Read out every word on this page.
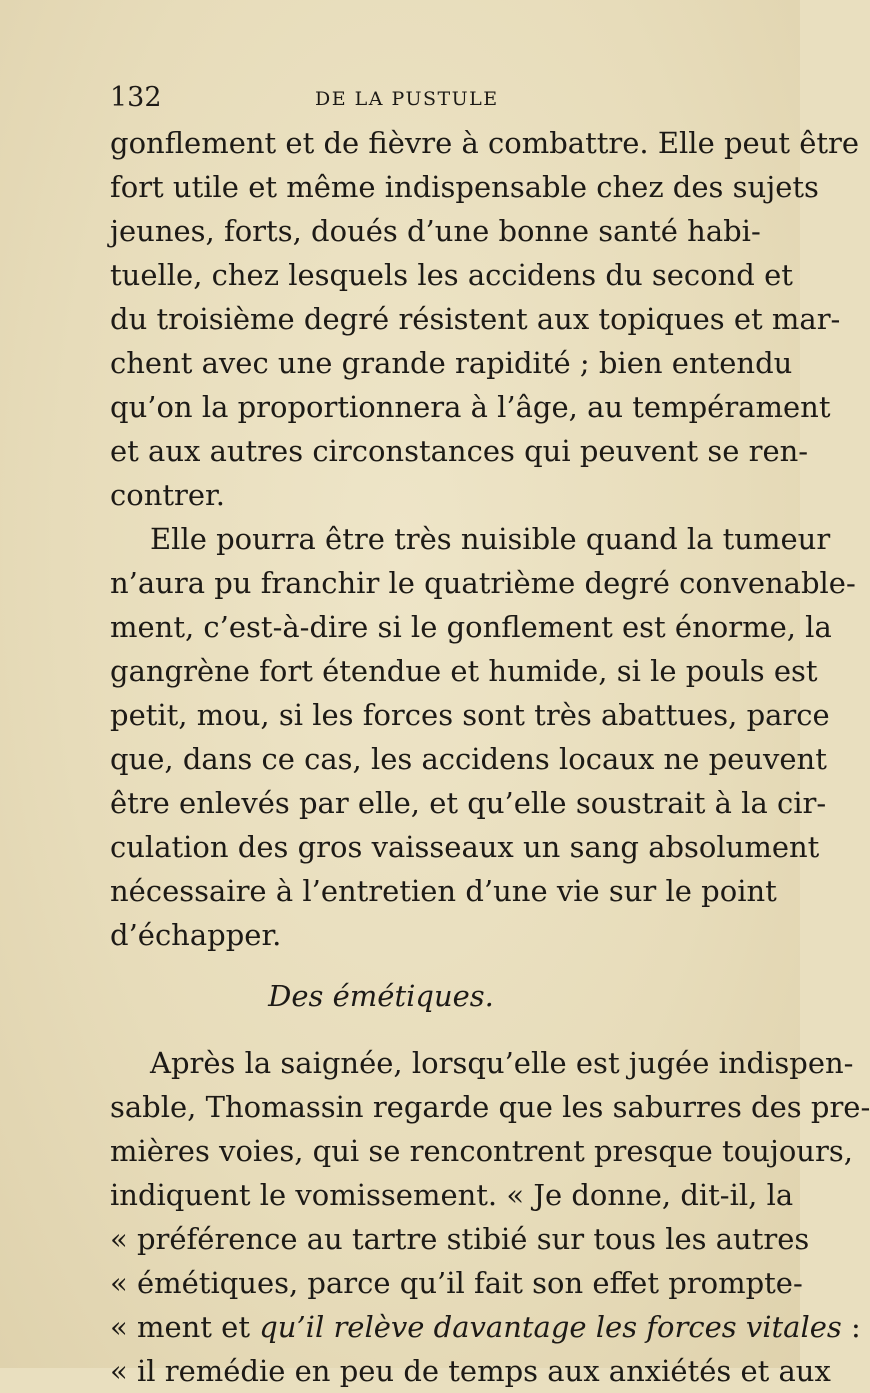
132	DE LA PUSTULE
gonflement et de fièvre à combattre. Elle peut être
fort utile et même indispensable chez des sujets
jeunes, forts, doués d’une bonne santé habi-
tuelle, chez lesquels les accidens du second et
du troisième degré résistent aux topiques et mar-
chent avec une grande rapidité ; bien entendu
qu’on la proportionnera à l’âge, au tempérament
et aux autres circonstances qui peuvent se ren-
contrer.
Elle pourra être très nuisible quand la tumeur
n’aura pu franchir le quatrième degré convenable-
ment, c’est-à-dire si le gonflement est énorme, la
gangrène fort étendue et humide, si le pouls est
petit, mou, si les forces sont très abattues, parce
que, dans ce cas, les accidens locaux ne peuvent
être enlevés par elle, et qu’elle soustrait à la cir-
culation des gros vaisseaux un sang absolument
nécessaire à l’entretien d’une vie sur le point
d’échapper.
Des émétiques.
Après la saignée, lorsqu’elle est jugée indispen-
sable, Thomassin regarde que les saburres des pre-
mières voies, qui se rencontrent presque toujours,
indiquent le vomissement. « Je donne, dit-il, la
« préférence au tartre stibié sur tous les autres
« émétiques, parce qu’il fait son effet prompte-
« ment et qu’il relève davantage les forces vitales :
« il remédie en peu de temps aux anxiétés et aux
